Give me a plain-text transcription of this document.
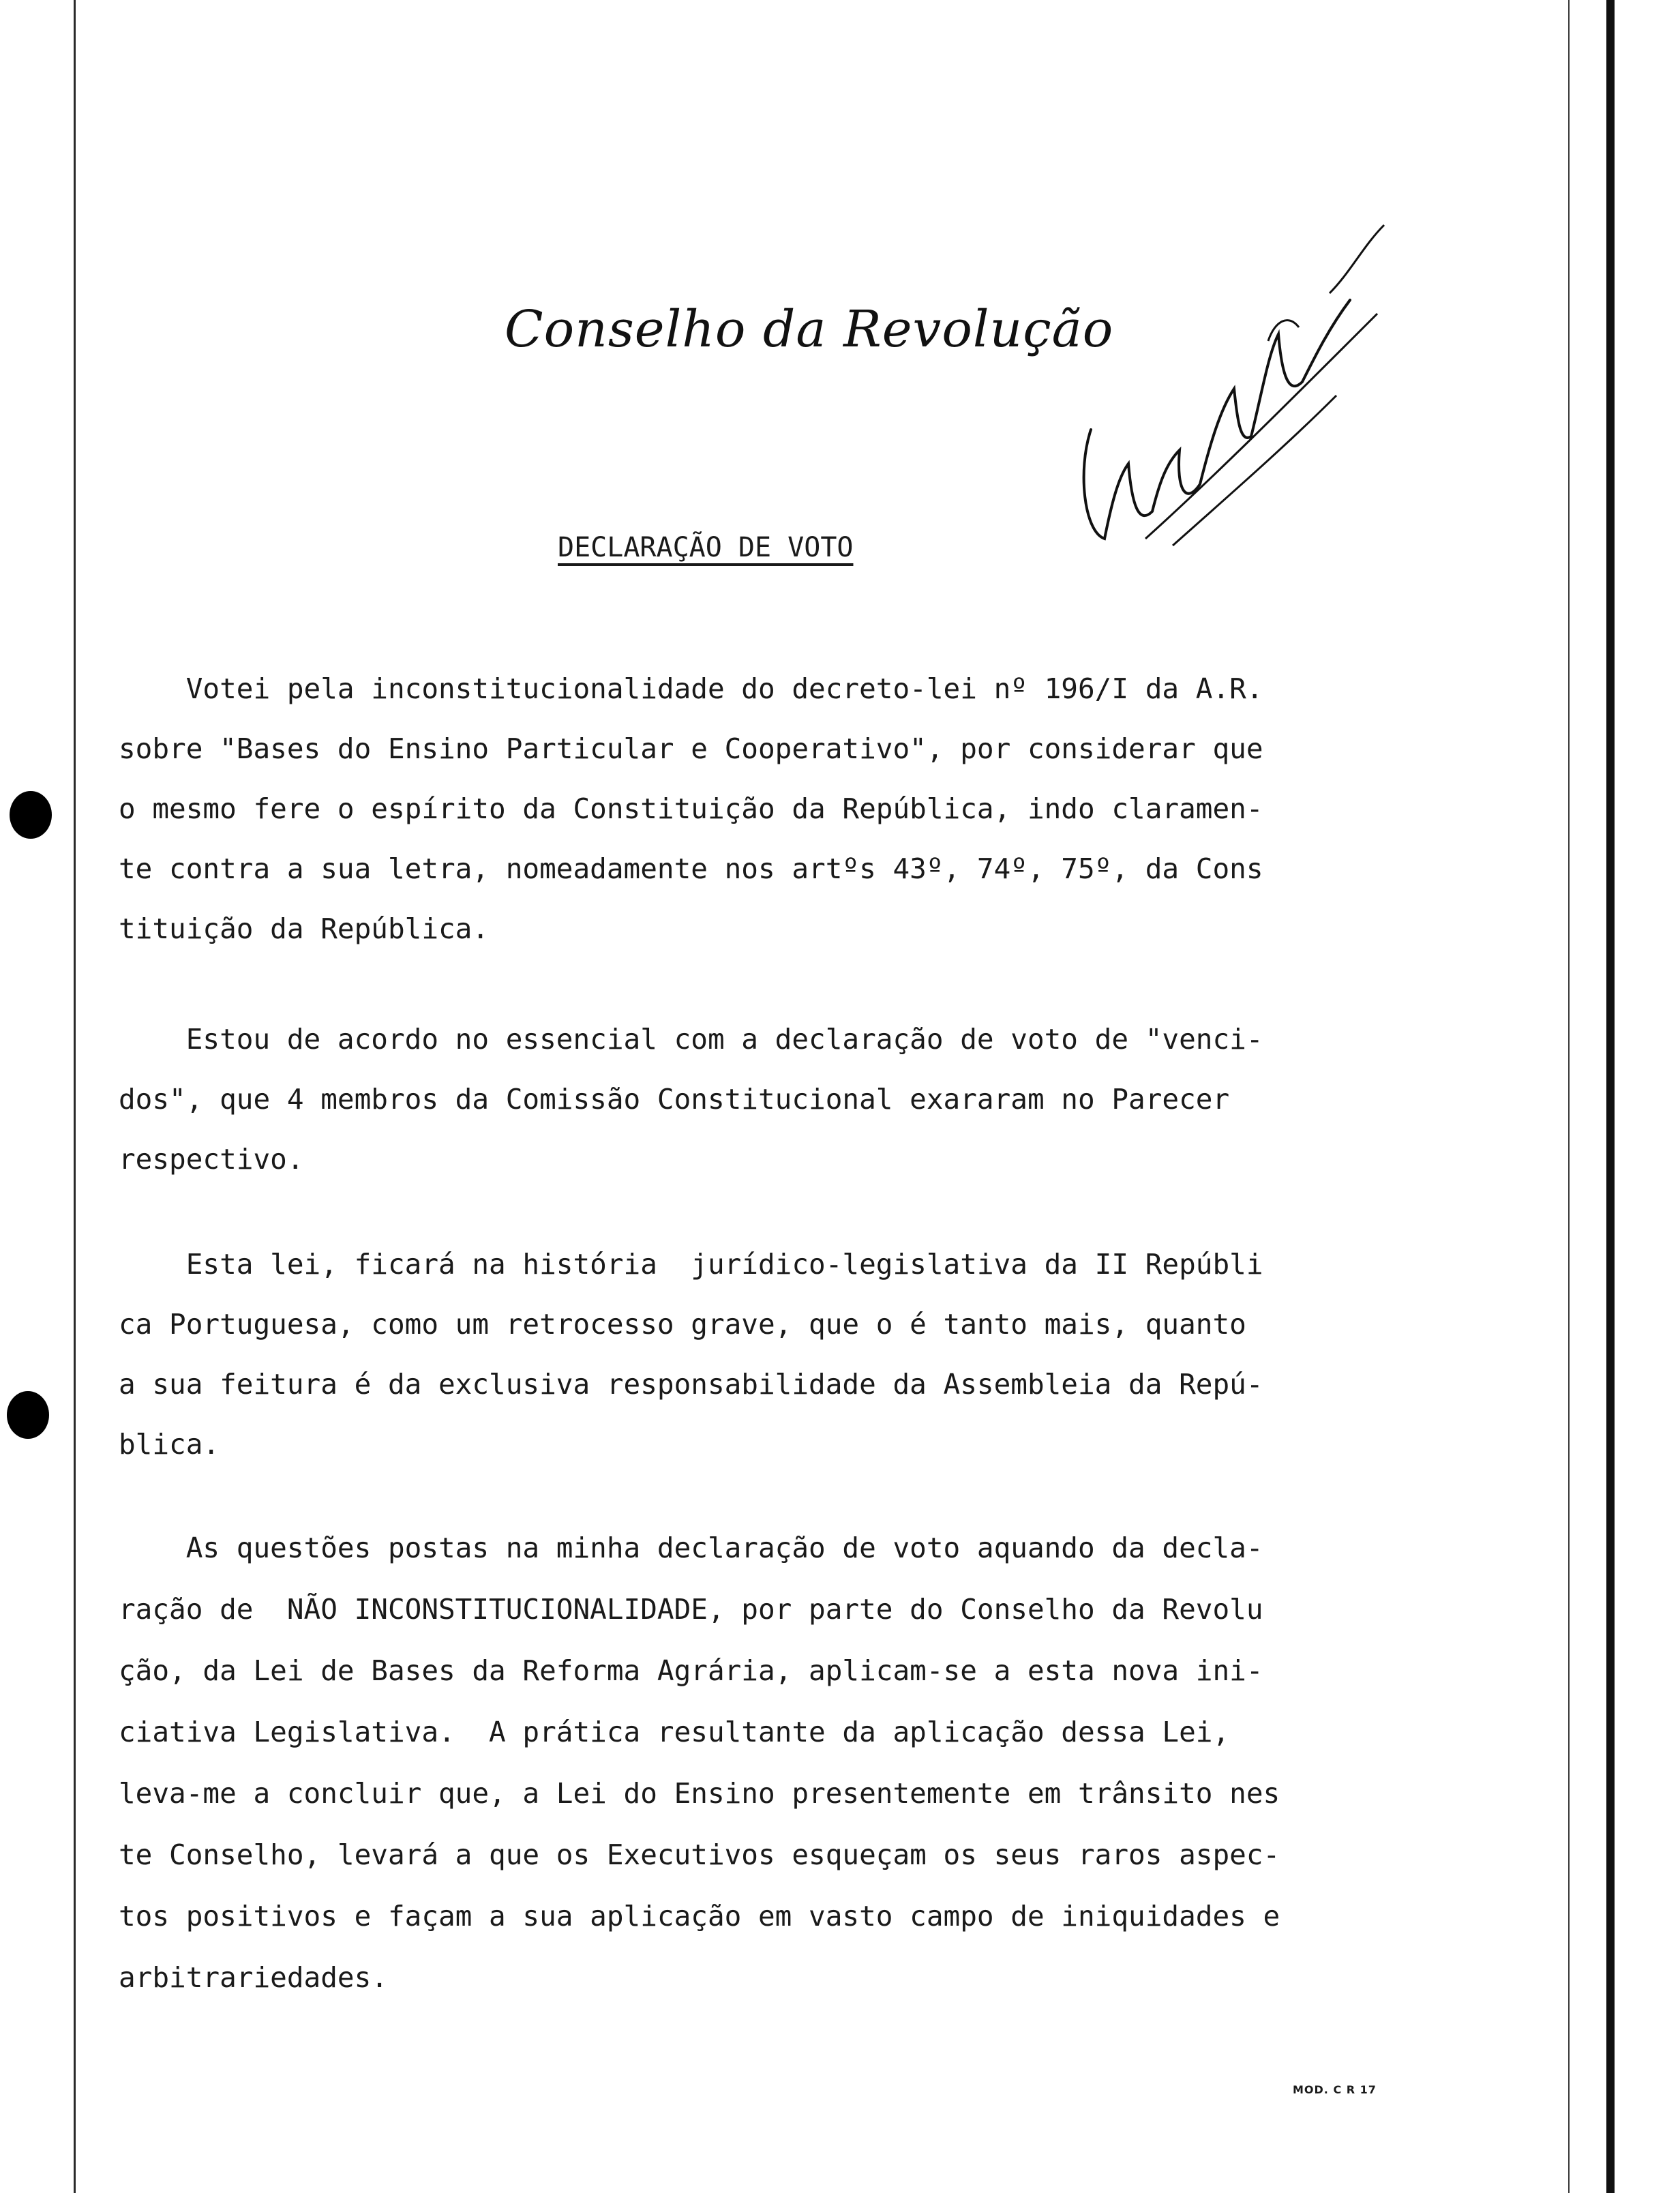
Conselho da Revolução
DECLARAÇÃO DE VOTO
Votei pela inconstitucionalidade do decreto-lei nº 196/I da A.R.
sobre "Bases do Ensino Particular e Cooperativo", por considerar que
o mesmo fere o espírito da Constituição da República, indo claramen-
te contra a sua letra, nomeadamente nos artºs 43º, 74º, 75º, da Cons
tituição da República.
Estou de acordo no essencial com a declaração de voto de "venci-
dos", que 4 membros da Comissão Constitucional exararam no Parecer
respectivo.
Esta lei, ficará na história  jurídico-legislativa da II Repúbli
ca Portuguesa, como um retrocesso grave, que o é tanto mais, quanto
a sua feitura é da exclusiva responsabilidade da Assembleia da Repú-
blica.
As questões postas na minha declaração de voto aquando da decla-
ração de  NÃO INCONSTITUCIONALIDADE, por parte do Conselho da Revolu
ção, da Lei de Bases da Reforma Agrária, aplicam-se a esta nova ini-
ciativa Legislativa.  A prática resultante da aplicação dessa Lei,
leva-me a concluir que, a Lei do Ensino presentemente em trânsito nes
te Conselho, levará a que os Executivos esqueçam os seus raros aspec-
tos positivos e façam a sua aplicação em vasto campo de iniquidades e
arbitrariedades.
MOD. C R 17
